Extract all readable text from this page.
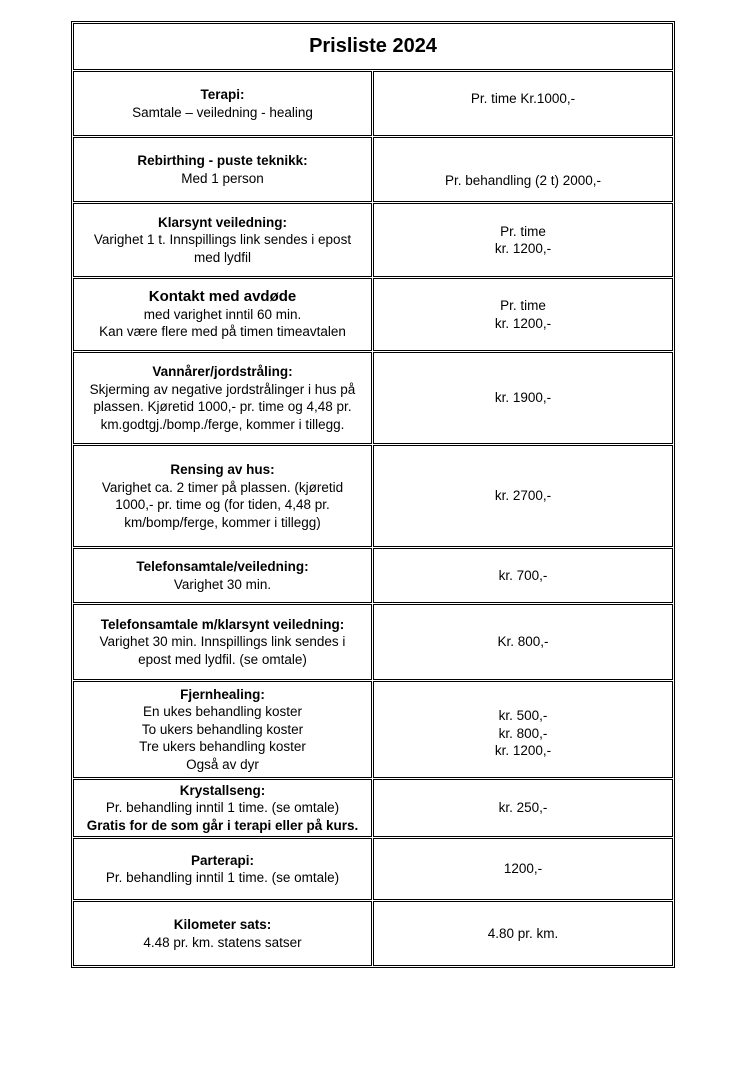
Prisliste 2024
Terapi:
Samtale – veiledning - healing
Pr. time Kr.1000,-
Rebirthing - puste teknikk:
Med 1 person	Pr. behandling (2 t) 2000,-
Klarsynt veiledning:
Varighet 1 t. Innspillings link sendes i epost
med lydfil
Pr. time
kr. 1200,-
Kontakt med avdøde
med varighet inntil 60 min.
Kan være flere med på timen timeavtalen
Pr. time
kr. 1200,-
Vannårer/jordstråling:
Skjerming av negative jordstrålinger i hus på
plassen. Kjøretid 1000,- pr. time og 4,48 pr.
km.godtgj./bomp./ferge, kommer i tillegg.
kr. 1900,-
Rensing av hus:
Varighet ca. 2 timer på plassen. (kjøretid
1000,- pr. time og (for tiden, 4,48 pr.
km/bomp/ferge, kommer i tillegg)
kr. 2700,-
Telefonsamtale/veiledning:
Varighet 30 min.
kr. 700,-
Telefonsamtale m/klarsynt veiledning:
Varighet 30 min. Innspillings link sendes i
epost med lydfil. (se omtale)
Kr. 800,-
Fjernhealing:
En ukes behandling koster
To ukers behandling koster
Tre ukers behandling koster
Også av dyr
kr. 500,-
kr. 800,-
kr. 1200,-
Krystallseng:
Pr. behandling inntil 1 time. (se omtale)
Gratis for de som går i terapi eller på kurs.
kr. 250,-
Parterapi:
Pr. behandling inntil 1 time. (se omtale)
1200,-
Kilometer sats:
4.48 pr. km. statens satser
4.80 pr. km.
